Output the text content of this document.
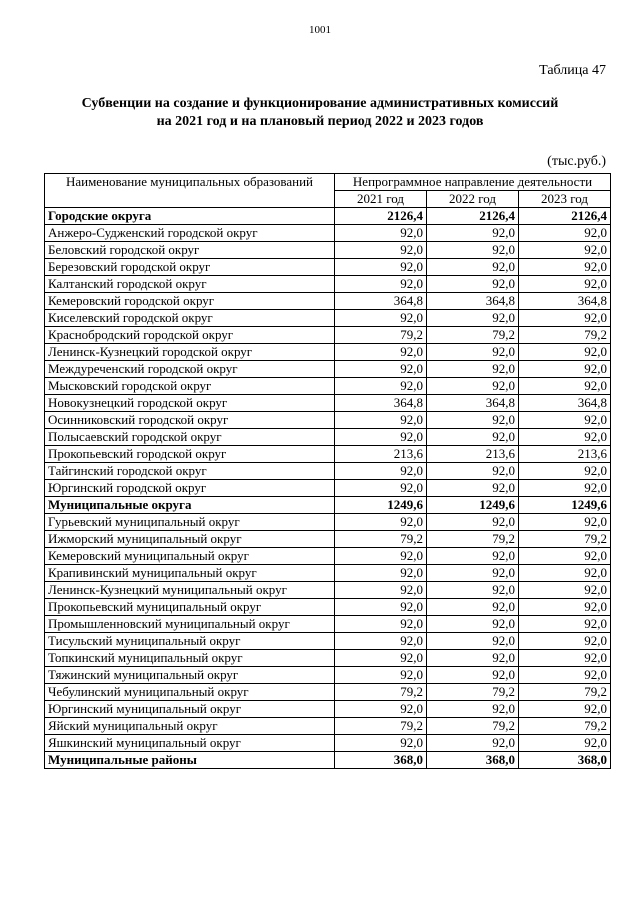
1001
Таблица 47
Субвенции на создание и функционирование административных комиссий
на 2021 год и на плановый период 2022 и 2023 годов
(тыс.руб.)
Наименование муниципальных образований	Непрограммное направление деятельности		
	2021 год	2022 год	2023 год
Городские округа	2126,4	2126,4	2126,4
Анжеро-Судженский городской округ	92,0	92,0	92,0
Беловский городской округ	92,0	92,0	92,0
Березовский городской округ	92,0	92,0	92,0
Калтанский городской округ	92,0	92,0	92,0
Кемеровский городской округ	364,8	364,8	364,8
Киселевский городской округ	92,0	92,0	92,0
Краснобродский городской округ	79,2	79,2	79,2
Ленинск-Кузнецкий городской округ	92,0	92,0	92,0
Междуреченский городской округ	92,0	92,0	92,0
Мысковский городской округ	92,0	92,0	92,0
Новокузнецкий городской округ	364,8	364,8	364,8
Осинниковский городской округ	92,0	92,0	92,0
Полысаевский городской округ	92,0	92,0	92,0
Прокопьевский городской округ	213,6	213,6	213,6
Тайгинский городской округ	92,0	92,0	92,0
Юргинский городской округ	92,0	92,0	92,0
Муниципальные округа	1249,6	1249,6	1249,6
Гурьевский муниципальный округ	92,0	92,0	92,0
Ижморский муниципальный округ	79,2	79,2	79,2
Кемеровский муниципальный округ	92,0	92,0	92,0
Крапивинский муниципальный округ	92,0	92,0	92,0
Ленинск-Кузнецкий муниципальный округ	92,0	92,0	92,0
Прокопьевский муниципальный округ	92,0	92,0	92,0
Промышленновский муниципальный округ	92,0	92,0	92,0
Тисульский муниципальный округ	92,0	92,0	92,0
Топкинский муниципальный округ	92,0	92,0	92,0
Тяжинский муниципальный округ	92,0	92,0	92,0
Чебулинский муниципальный округ	79,2	79,2	79,2
Юргинский муниципальный округ	92,0	92,0	92,0
Яйский муниципальный округ	79,2	79,2	79,2
Яшкинский муниципальный округ	92,0	92,0	92,0
Муниципальные районы	368,0	368,0	368,0
